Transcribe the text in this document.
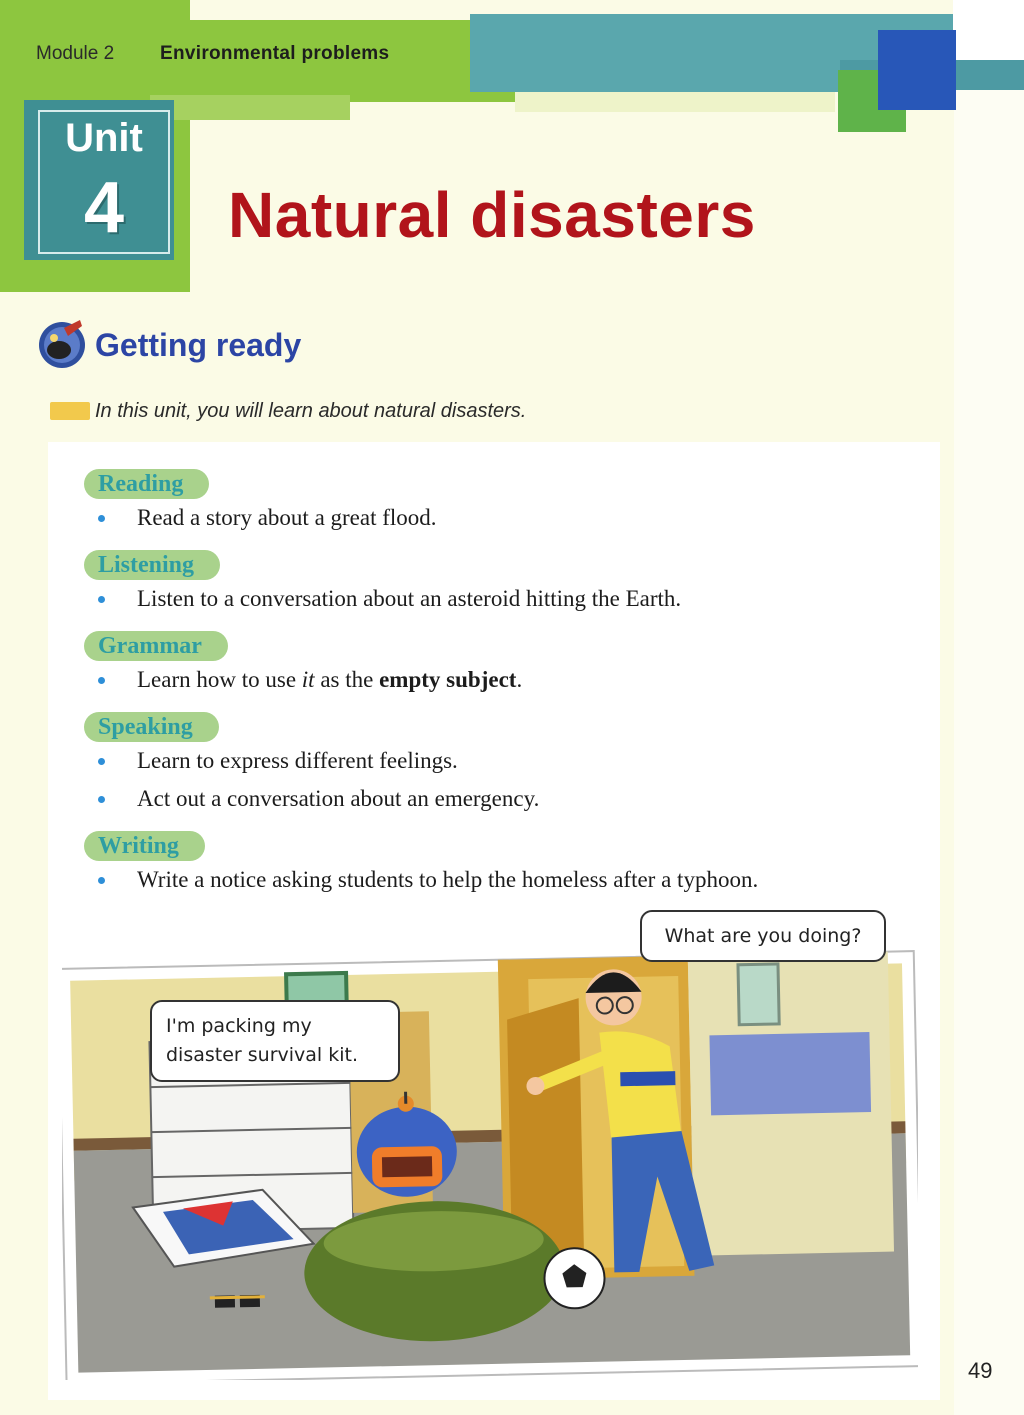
Module 2 Environmental problems
Unit
4	Natural disasters
Getting ready
In this unit, you will learn about natural disasters.
Reading
Read a story about a great flood.
Listening
Listen to a conversation about an asteroid hitting the Earth.
Grammar
Learn how to use it as the empty subject.
Speaking
Learn to express different feelings.
Act out a conversation about an emergency.
Writing
Write a notice asking students to help the homeless after a typhoon.
What are you doing?
I'm packing my
disaster survival kit.
49
